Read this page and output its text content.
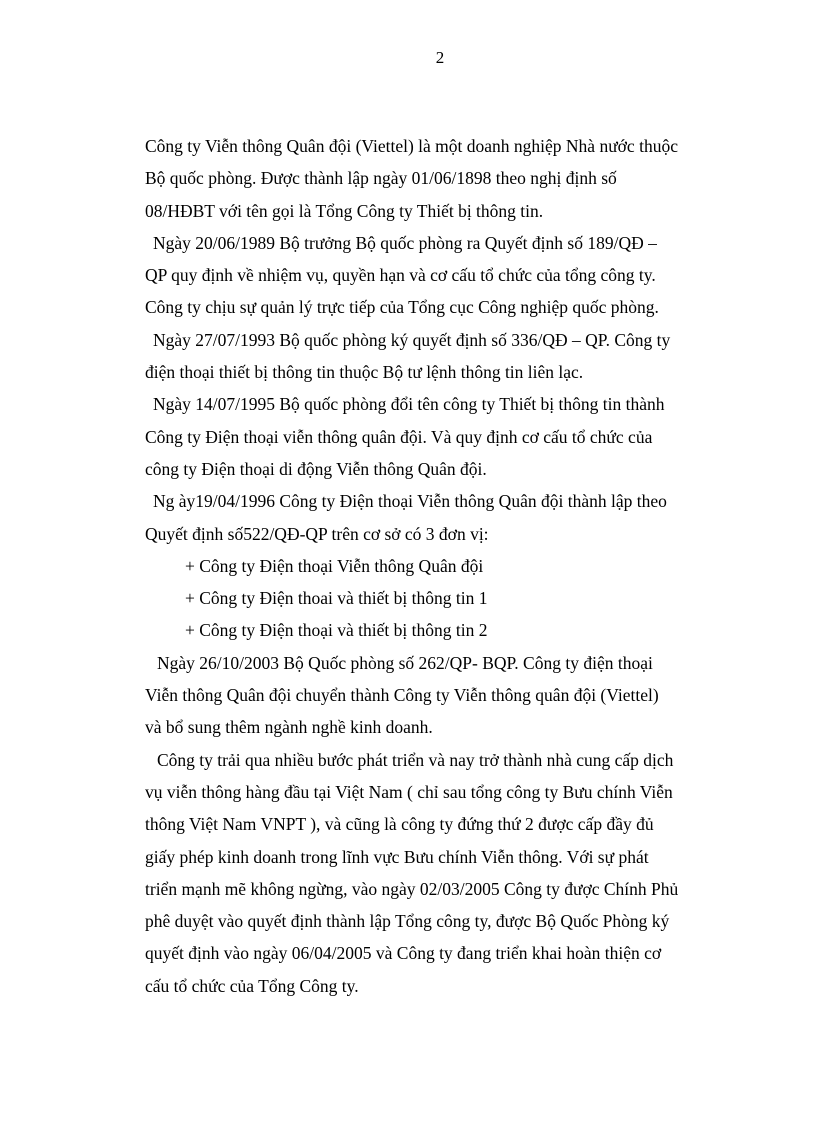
2
Công ty Viễn thông Quân đội (Viettel) là một doanh nghiệp Nhà nước thuộc
Bộ quốc phòng. Được thành lập ngày 01/06/1898 theo nghị định số
08/HĐBT với tên gọi là Tổng Công ty Thiết bị thông tin.
Ngày 20/06/1989 Bộ trưởng Bộ quốc phòng ra Quyết định số 189/QĐ –
QP quy định về nhiệm vụ, quyền hạn và cơ cấu tổ chức của tổng công ty.
Công ty chịu sự quản lý trực tiếp của Tổng cục Công nghiệp quốc phòng.
Ngày 27/07/1993 Bộ quốc phòng ký quyết định số 336/QĐ – QP. Công ty
điện thoại thiết bị thông tin thuộc Bộ tư lệnh thông tin liên lạc.
Ngày 14/07/1995 Bộ quốc phòng đổi tên công ty Thiết bị thông tin thành
Công ty Điện thoại viễn thông quân đội. Và quy định cơ cấu tổ chức của
công ty Điện thoại di động Viễn thông Quân đội.
Ng ày19/04/1996 Công ty Điện thoại Viễn thông Quân đội thành lập theo
Quyết định số522/QĐ-QP trên cơ sở có 3 đơn vị:
+ Công ty Điện thoại Viễn thông Quân đội
+ Công ty Điện thoai và thiết bị thông tin 1
+ Công ty Điện thoại và thiết bị thông tin 2
Ngày 26/10/2003 Bộ Quốc phòng số 262/QP- BQP. Công ty điện thoại
Viễn thông Quân đội chuyển thành Công ty Viễn thông quân đội (Viettel)
và bổ sung thêm ngành nghề kinh doanh.
Công ty trải qua nhiều bước phát triển và nay trở thành nhà cung cấp dịch
vụ viễn thông hàng đầu tại Việt Nam ( chỉ sau tổng công ty Bưu chính Viễn
thông Việt Nam VNPT ), và cũng là công ty đứng thứ 2 được cấp đầy đủ
giấy phép kinh doanh trong lĩnh vực Bưu chính Viễn thông. Với sự phát
triển mạnh mẽ không ngừng, vào ngày 02/03/2005 Công ty được Chính Phủ
phê duyệt vào quyết định thành lập Tổng công ty, được Bộ Quốc Phòng ký
quyết định vào ngày 06/04/2005 và Công ty đang triển khai hoàn thiện cơ
cấu tổ chức của Tổng Công ty.
